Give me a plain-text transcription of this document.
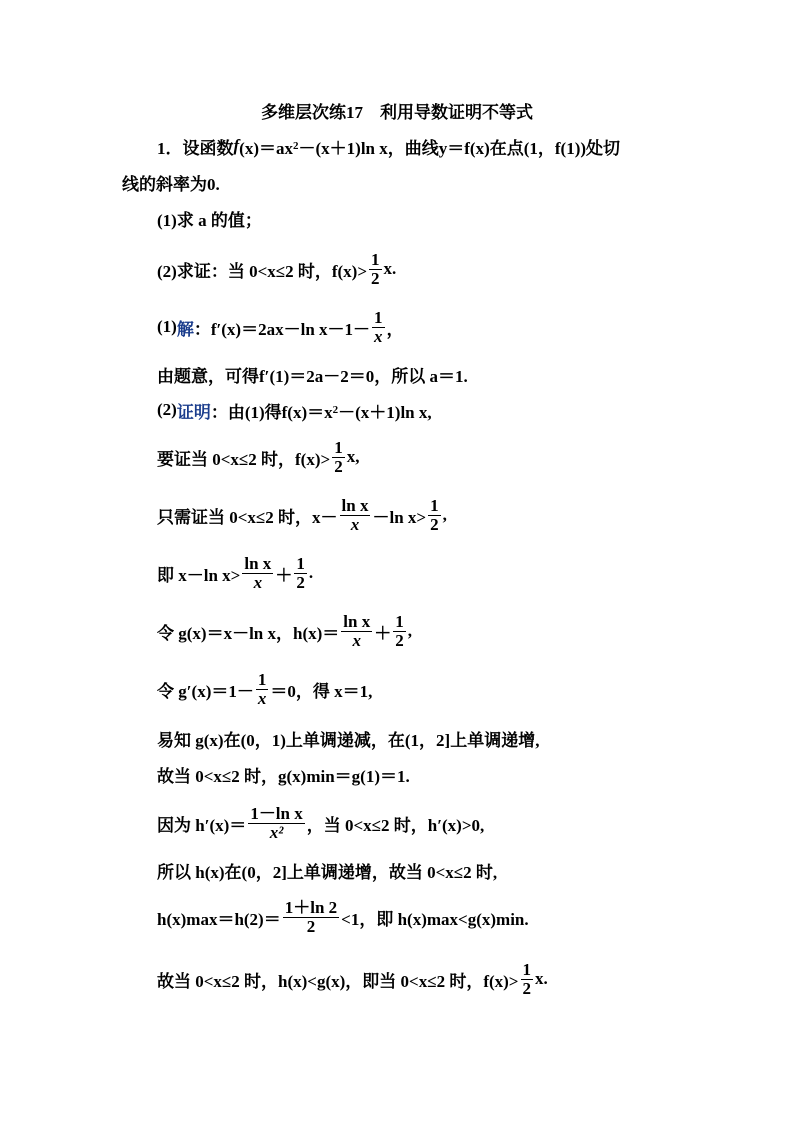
多维层次练17　利用导数证明不等式
1．设函数 f (x)＝ax 2 －(x＋1)ln x，曲线 y＝f(x)在点(1，f(1))处切
线的斜率为0.
(1)求 a 的值；
(2)求证：当 0<x≤2 时，$f(x)> \frac{1}{2} x$.
(1) 解 ：f′(x)＝2ax－ln $x-1- \frac{1}{x}$ ，
由题意，可得f′(1)＝2a－2＝0，所以 a＝1.
(2) 证明 ：由(1)得f(x)＝x 2 －(x＋1)ln x,
要证当 0<x≤2 时，$f(x)> \frac{1}{2} x$,
只需证当 0<x≤2 时，$x- \frac{\text{ln x}}{x} -\ln$ $x> \frac{1}{2}$ ,
即 x－ln $x> \frac{\text{ln x}}{x} + \frac{1}{2}$ .
令 g(x)＝x－ln x，$h(x)= \frac{\text{ln x}}{x} + \frac{1}{2}$ ,
令 $g'(x)=1- \frac{1}{x} =0$，得 x＝1,
易知 g(x)在(0，1)上单调递减，在(1，2]上单调递增,
故当 0<x≤2 时，g(x)min＝g(1)＝1.
因为 $h'(x)= \frac{\text{1－ln x}}{\text{x²}}$ ，当 0<x≤2 时，h′(x)>0,
所以 h(x)在(0，2]上单调递增，故当 0<x≤2 时,
$h(x)\max=h(2)= \frac{1+\ln 2}{2} <1$，即 h(x)max<g(x)min.
故当 0<x≤2 时，h(x)<g(x)，即当 0<x≤2 时，$f(x)> \frac{1}{2} x$.
